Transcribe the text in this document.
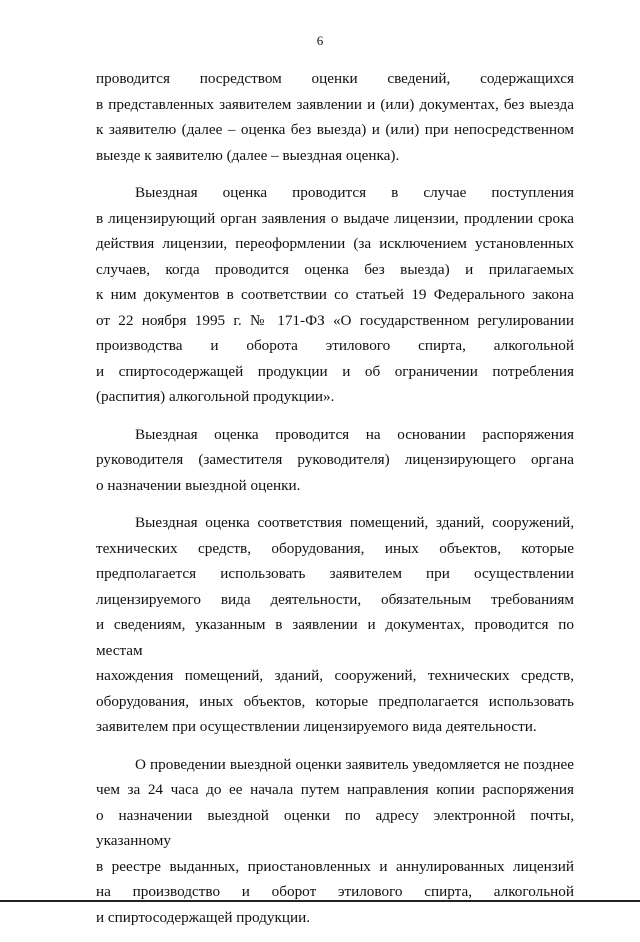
6

проводится посредством оценки сведений, содержащихся
в представленных заявителем заявлении и (или) документах, без выезда
к заявителю (далее – оценка без выезда) и (или) при непосредственном
выезде к заявителю (далее – выездная оценка).

Выездная оценка проводится в случае поступления
в лицензирующий орган заявления о выдаче лицензии, продлении срока
действия лицензии, переоформлении (за исключением установленных
случаев, когда проводится оценка без выезда) и прилагаемых
к ним документов в соответствии со статьей 19 Федерального закона
от 22 ноября 1995 г. № 171-ФЗ «О государственном регулировании
производства и оборота этилового спирта, алкогольной
и спиртосодержащей продукции и об ограничении потребления
(распития) алкогольной продукции».

Выездная оценка проводится на основании распоряжения
руководителя (заместителя руководителя) лицензирующего органа
о назначении выездной оценки.

Выездная оценка соответствия помещений, зданий, сооружений,
технических средств, оборудования, иных объектов, которые
предполагается использовать заявителем при осуществлении
лицензируемого вида деятельности, обязательным требованиям
и сведениям, указанным в заявлении и документах, проводится по местам
нахождения помещений, зданий, сооружений, технических средств,
оборудования, иных объектов, которые предполагается использовать
заявителем при осуществлении лицензируемого вида деятельности.

О проведении выездной оценки заявитель уведомляется не позднее
чем за 24 часа до ее начала путем направления копии распоряжения
о назначении выездной оценки по адресу электронной почты, указанному
в реестре выданных, приостановленных и аннулированных лицензий
на производство и оборот этилового спирта, алкогольной
и спиртосодержащей продукции.
